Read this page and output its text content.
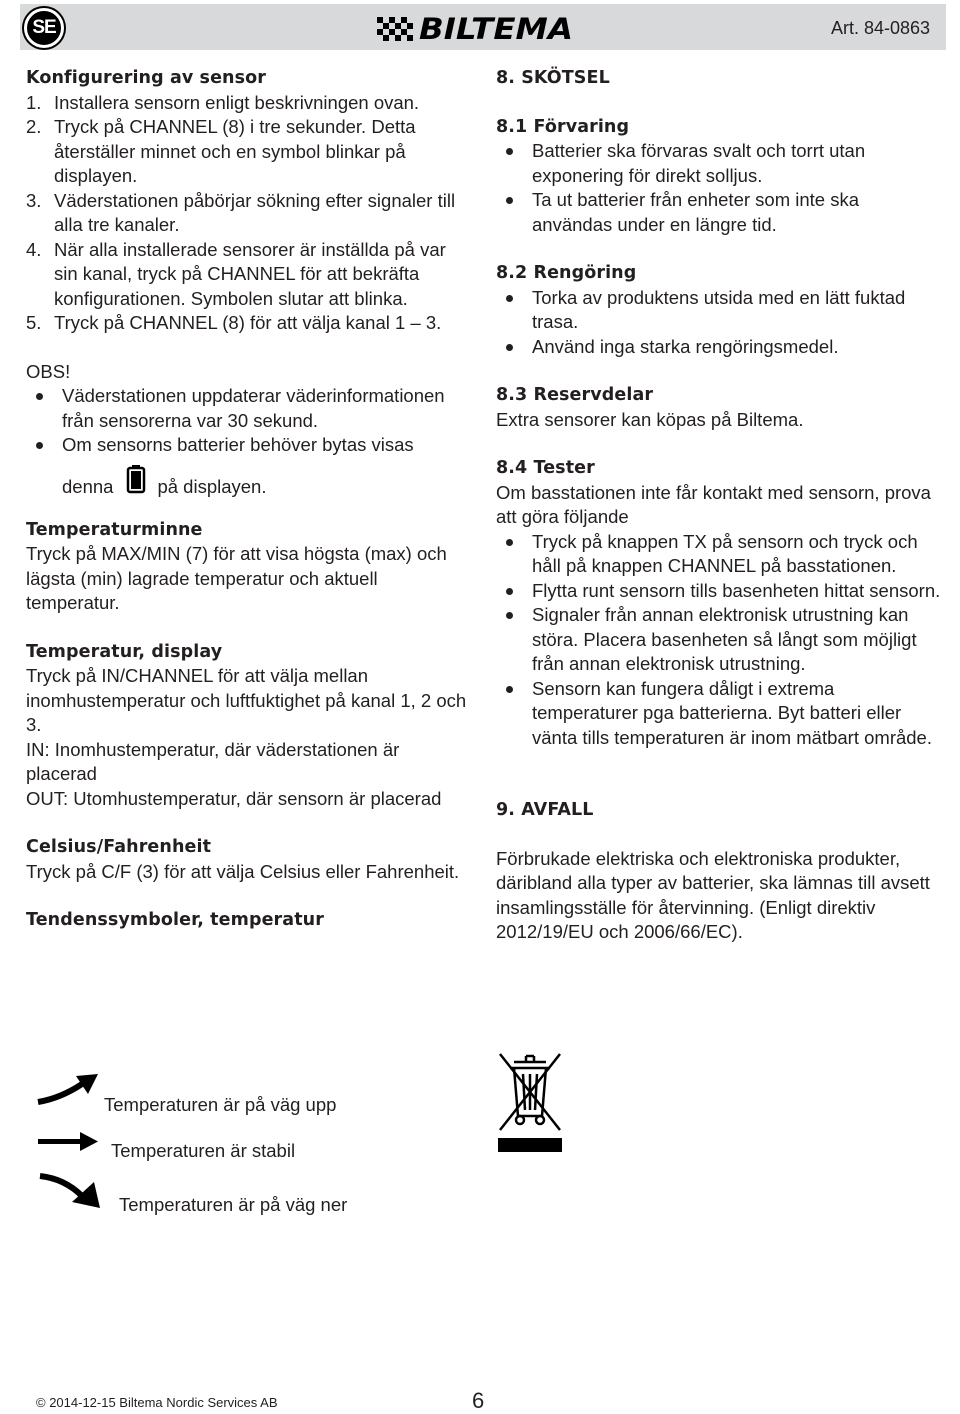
SE	BILTEMA	Art. 84-0863
Konfigurering av sensor
1. Installera sensorn enligt beskrivningen ovan.
2. Tryck på CHANNEL (8) i tre sekunder. Detta återställer minnet och en symbol blinkar på displayen.
3. Väderstationen påbörjar sökning efter signaler till alla tre kanaler.
4. När alla installerade sensorer är inställda på var sin kanal, tryck på CHANNEL för att bekräfta konfigurationen. Symbolen slutar att blinka.
5. Tryck på CHANNEL (8) för att välja kanal 1 – 3.
OBS!
Väderstationen uppdaterar väderinformationen från sensorerna var 30 sekund.
Om sensorns batterier behöver bytas visas
denna på displayen.
Temperaturminne
Tryck på MAX/MIN (7) för att visa högsta (max) och lägsta (min) lagrade temperatur och aktuell temperatur.
Temperatur, display
Tryck på IN/CHANNEL för att välja mellan inomhustemperatur och luftfuktighet på kanal 1, 2 och 3.
IN: Inomhustemperatur, där väderstationen är placerad
OUT: Utomhustemperatur, där sensorn är placerad
Celsius/Fahrenheit
Tryck på C/F (3) för att välja Celsius eller Fahrenheit.
Tendenssymboler, temperatur
Temperaturen är på väg upp
Temperaturen är stabil
Temperaturen är på väg ner
8. SKÖTSEL
8.1 Förvaring
Batterier ska förvaras svalt och torrt utan exponering för direkt solljus.
Ta ut batterier från enheter som inte ska användas under en längre tid.
8.2 Rengöring
Torka av produktens utsida med en lätt fuktad trasa.
Använd inga starka rengöringsmedel.
8.3 Reservdelar
Extra sensorer kan köpas på Biltema.
8.4 Tester
Om basstationen inte får kontakt med sensorn, prova att göra följande
Tryck på knappen TX på sensorn och tryck och håll på knappen CHANNEL på basstationen.
Flytta runt sensorn tills basenheten hittat sensorn.
Signaler från annan elektronisk utrustning kan störa. Placera basenheten så långt som möjligt från annan elektronisk utrustning.
Sensorn kan fungera dåligt i extrema temperaturer pga batterierna. Byt batteri eller vänta tills temperaturen är inom mätbart område.
9. AVFALL
Förbrukade elektriska och elektroniska produkter, däribland alla typer av batterier, ska lämnas till avsett insamlingsställe för återvinning. (Enligt direktiv 2012/19/EU och 2006/66/EC).
© 2014-12-15 Biltema Nordic Services AB	6
